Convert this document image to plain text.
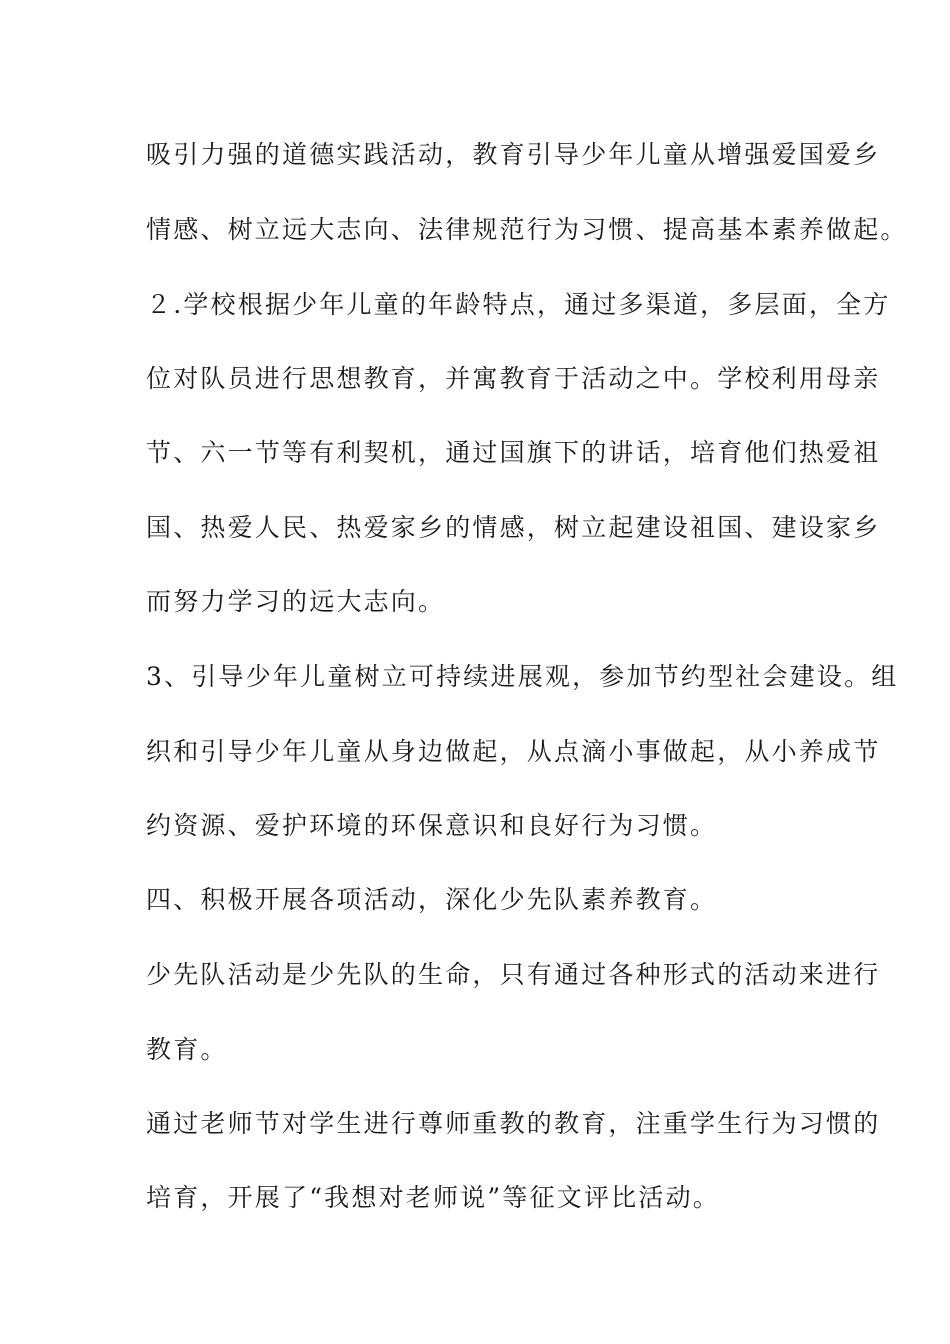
吸引力强的道德实践活动，教育引导少年儿童从增强爱国爱乡
情感、树立远大志向、法律规范行为习惯、提高基本素养做起。
２.学校根据少年儿童的年龄特点，通过多渠道，多层面，全方
位对队员进行思想教育，并寓教育于活动之中。学校利用母亲
节、六一节等有利契机，通过国旗下的讲话，培育他们热爱祖
国、热爱人民、热爱家乡的情感，树立起建设祖国、建设家乡
而努力学习的远大志向。
3、引导少年儿童树立可持续进展观，参加节约型社会建设。组
织和引导少年儿童从身边做起，从点滴小事做起，从小养成节
约资源、爱护环境的环保意识和良好行为习惯。
四、积极开展各项活动，深化少先队素养教育。
少先队活动是少先队的生命，只有通过各种形式的活动来进行
教育。
通过老师节对学生进行尊师重教的教育，注重学生行为习惯的
培育，开展了“我想对老师说”等征文评比活动。
